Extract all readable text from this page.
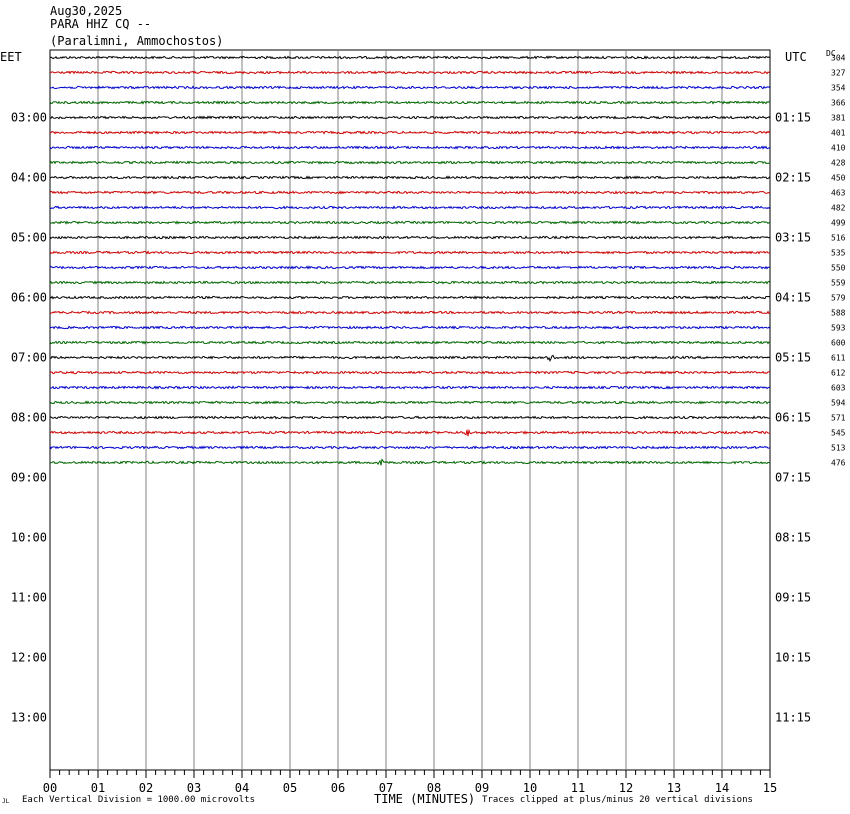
Aug30,2025
PARA HHZ CQ --
(Paralimni, Ammochostos)
EET	UTC DC
00	01	02	03	04	05	06	07	08	09	10	11	12	13	14	15
03:00
04:00
05:00
06:00
07:00
08:00
09:00
10:00
11:00
12:00
13:00
01:15
02:15
03:15
04:15
05:15
06:15
07:15
08:15
09:15
10:15
11:15
304
327
354
366
381
401
410
428
450
463
482
499
516
535
550
559
579
588
593
600
611
612
603
594
571
545
513
476
JL Each Vertical Division = 1000.00 microvolts	TIME (MINUTES) Traces clipped at plus/minus 20 vertical divisions
